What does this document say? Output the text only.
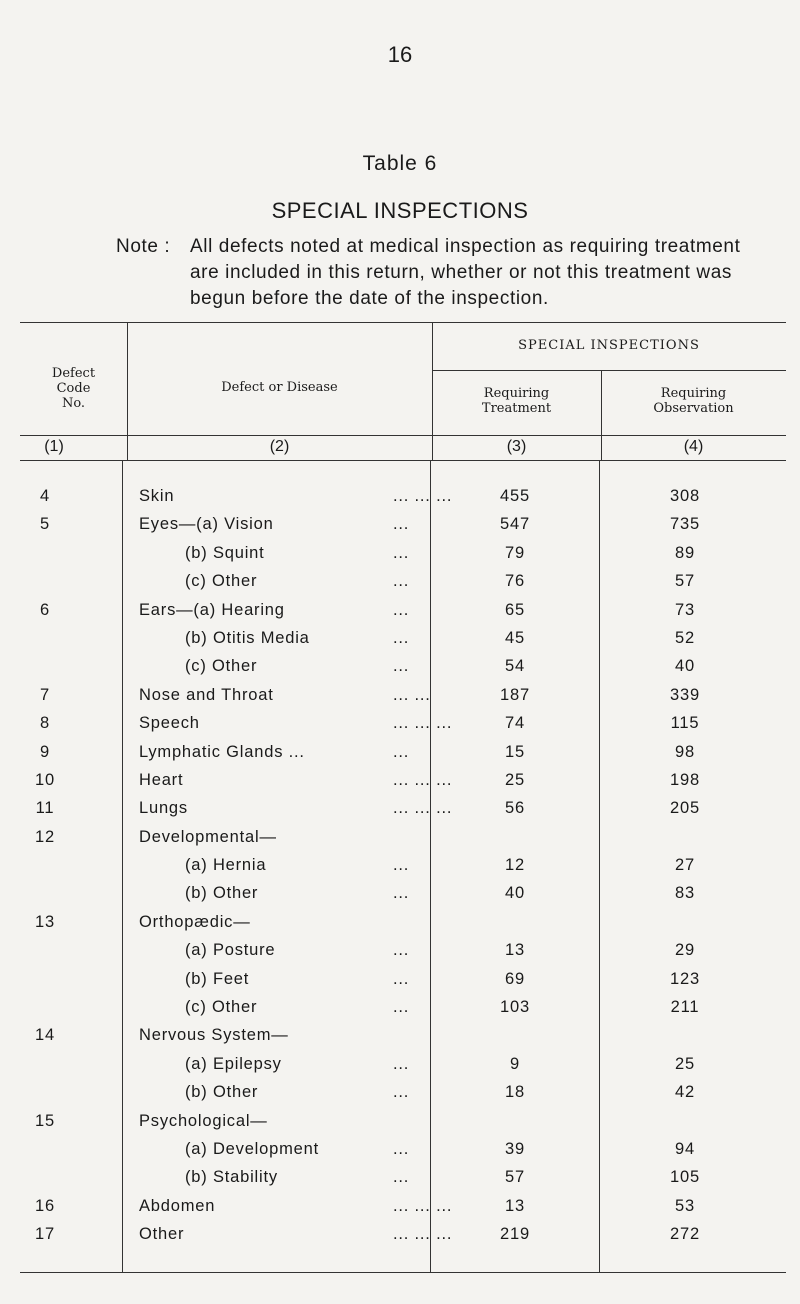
16
Table 6
SPECIAL INSPECTIONS
Note : All defects noted at medical inspection as requiring treatment
are included in this return, whether or not this treatment was
begun before the date of the inspection.
Defect
Code
No.
Defect or Disease
SPECIAL INSPECTIONS
Requiring
Treatment
Requiring
Observation
(1)	(2)	(3)	(4)
4	Skin	... ... ...	455	308
5	Eyes—(a) Vision	...	547	735
(b) Squint	...	79	89
(c) Other	...	76	57
6	Ears—(a) Hearing	...	65	73
(b) Otitis Media	...	45	52
(c) Other	...	54	40
7	Nose and Throat	... ...	187	339
8	Speech	... ... ...	74	115
9	Lymphatic Glands ...	...	15	98
10	Heart	... ... ...	25	198
11	Lungs	... ... ...	56	205
12	Developmental—
(a) Hernia	...	12	27
(b) Other	...	40	83
13	Orthopædic—
(a) Posture	...	13	29
(b) Feet	...	69	123
(c) Other	...	103	211
14	Nervous System—
(a) Epilepsy	...	9	25
(b) Other	...	18	42
15	Psychological—
(a) Development	...	39	94
(b) Stability	...	57	105
16	Abdomen	... ... ...	13	53
17	Other	... ... ...	219	272
